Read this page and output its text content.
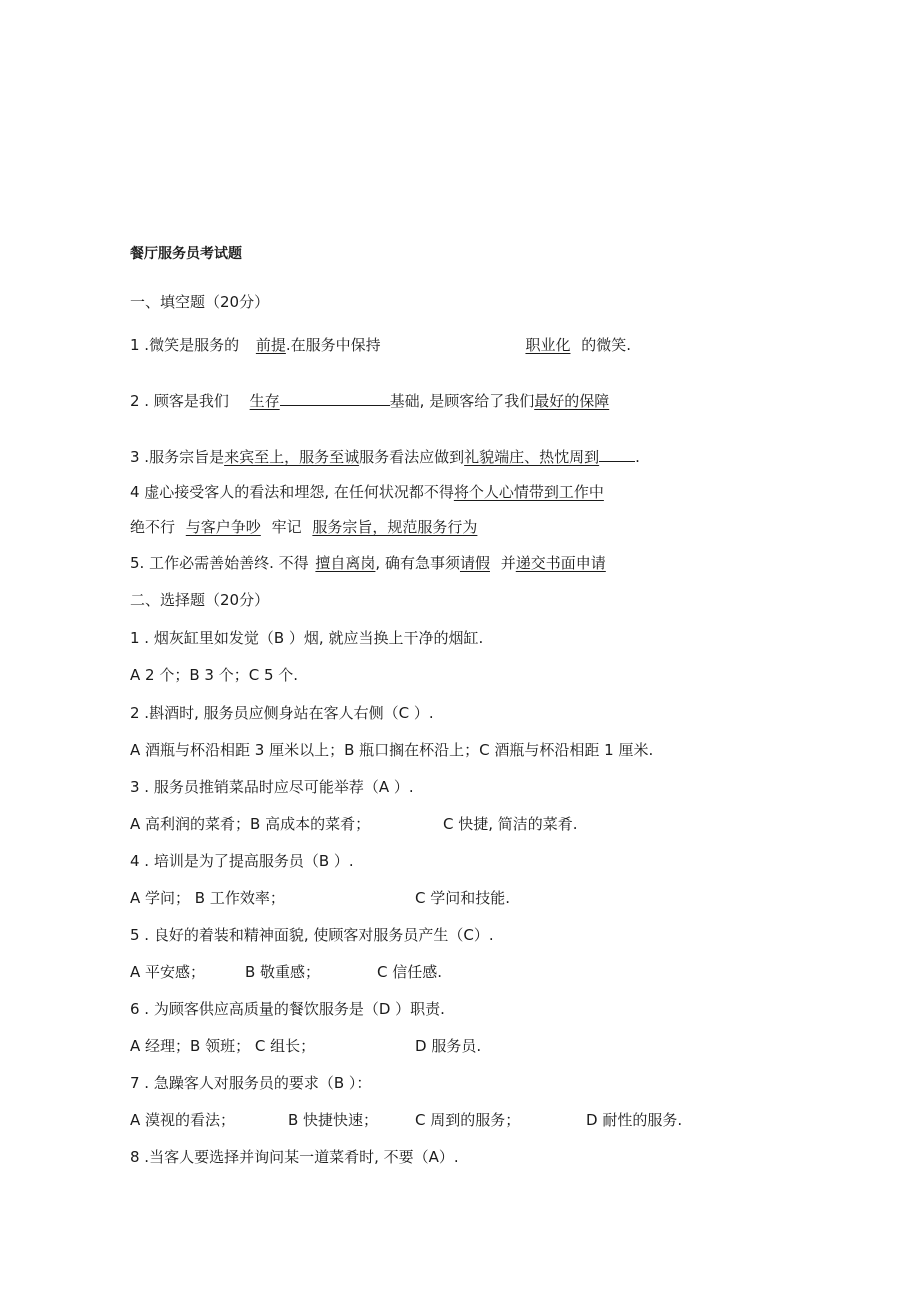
餐厅服务员考试题
一、填空题（20分）
1 .微笑是服务的 前提.在服务中保持	职业化 的微笑.
2 . 顾客是我们 生存	基础, 是顾客给了我们最好的保障
3 .服务宗旨是来宾至上，服务至诚服务看法应做到礼貌端庄、热忱周到 .
4 虚心接受客人的看法和埋怨, 在任何状况都不得将个人心情带到工作中
绝不行 与客户争吵 牢记 服务宗旨，规范服务行为
5. 工作必需善始善终. 不得 擅自离岗, 确有急事须请假 并递交书面申请
二、选择题（20分）
1 . 烟灰缸里如发觉（B ）烟, 就应当换上干净的烟缸.
A 2 个；B 3 个；C 5 个.
2 .斟酒时, 服务员应侧身站在客人右侧（C ）.
A 酒瓶与杯沿相距 3 厘米以上；B 瓶口搁在杯沿上；C 酒瓶与杯沿相距 1 厘米.
3 . 服务员推销菜品时应尽可能举荐（A ）.
A 高利润的菜肴；B 高成本的菜肴；	C 快捷, 简洁的菜肴.
4 . 培训是为了提高服务员（B ）.
A 学问； B 工作效率；	C 学问和技能.
5 . 良好的着装和精神面貌, 使顾客对服务员产生（C）.
A 平安感；	B 敬重感；	C 信任感.
6 . 为顾客供应高质量的餐饮服务是（D ）职责.
A 经理；B 领班； C 组长；	D 服务员.
7 . 急躁客人对服务员的要求（B ）：
A 漠视的看法；	B 快捷快速； C 周到的服务；	D 耐性的服务.
8 .当客人要选择并询问某一道菜肴时, 不要（A）.
